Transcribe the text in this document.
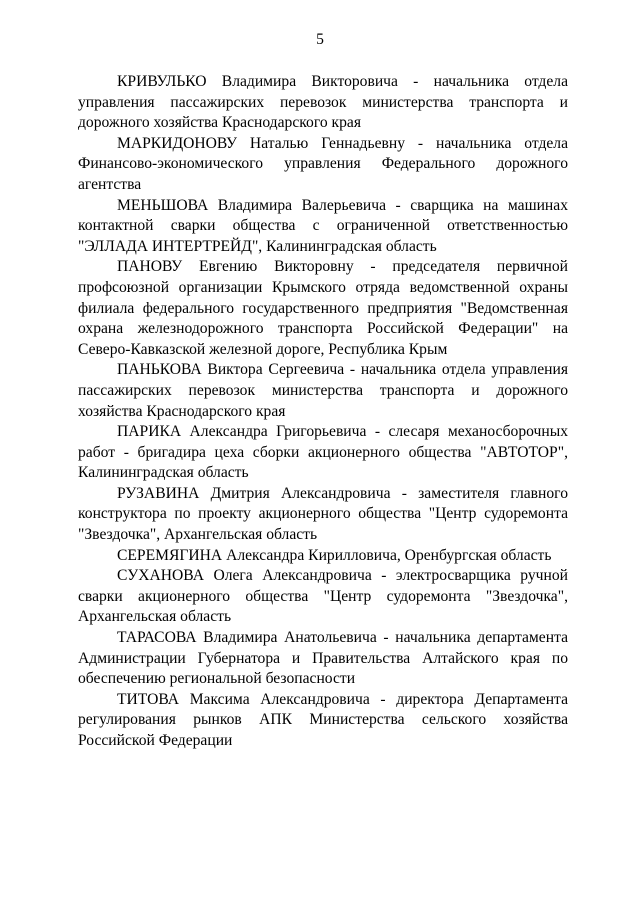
5

КРИВУЛЬКО Владимира Викторовича - начальника отдела управления пассажирских перевозок министерства транспорта и дорожного хозяйства Краснодарского края

МАРКИДОНОВУ Наталью Геннадьевну - начальника отдела Финансово-экономического управления Федерального дорожного агентства

МЕНЬШОВА Владимира Валерьевича - сварщика на машинах контактной сварки общества с ограниченной ответственностью "ЭЛЛАДА ИНТЕРТРЕЙД", Калининградская область

ПАНОВУ Евгению Викторовну - председателя первичной профсоюзной организации Крымского отряда ведомственной охраны филиала федерального государственного предприятия "Ведомственная охрана железнодорожного транспорта Российской Федерации" на Северо-Кавказской железной дороге, Республика Крым

ПАНЬКОВА Виктора Сергеевича - начальника отдела управления пассажирских перевозок министерства транспорта и дорожного хозяйства Краснодарского края

ПАРИКА Александра Григорьевича - слесаря механосборочных работ - бригадира цеха сборки акционерного общества "АВТОТОР", Калининградская область

РУЗАВИНА Дмитрия Александровича - заместителя главного конструктора по проекту акционерного общества "Центр судоремонта "Звездочка", Архангельская область

СЕРЕМЯГИНА Александра Кирилловича, Оренбургская область

СУХАНОВА Олега Александровича - электросварщика ручной сварки акционерного общества "Центр судоремонта "Звездочка", Архангельская область

ТАРАСОВА Владимира Анатольевича - начальника департамента Администрации Губернатора и Правительства Алтайского края по обеспечению региональной безопасности

ТИТОВА Максима Александровича - директора Департамента регулирования рынков АПК Министерства сельского хозяйства Российской Федерации
